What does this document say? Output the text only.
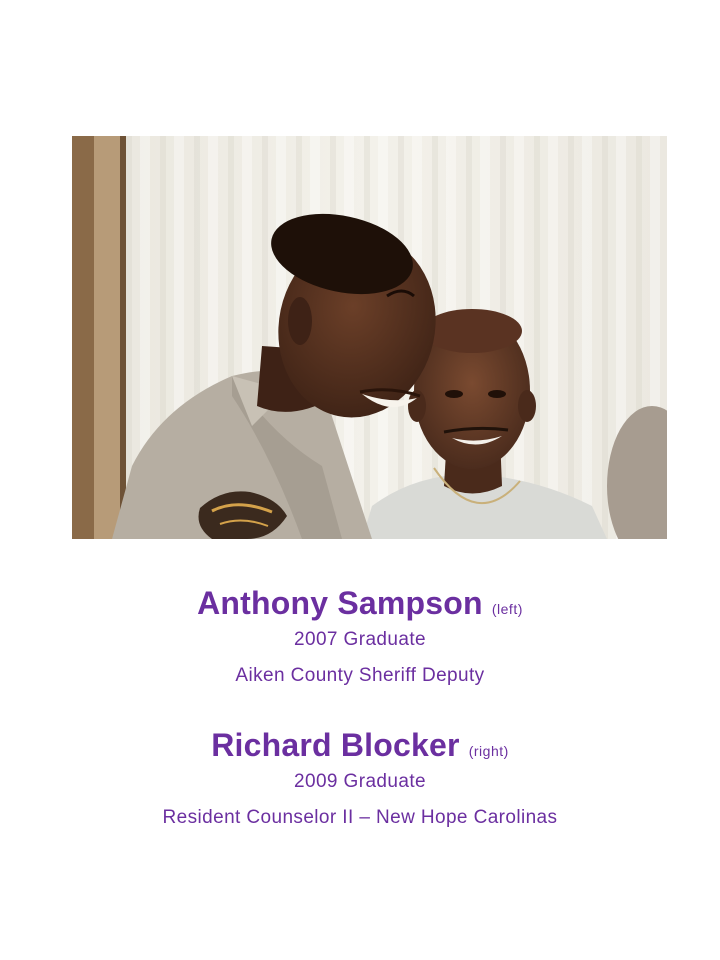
Anthony Sampson (left)
2007 Graduate
Aiken County Sheriff Deputy
Richard Blocker (right)
2009 Graduate
Resident Counselor II – New Hope Carolinas
